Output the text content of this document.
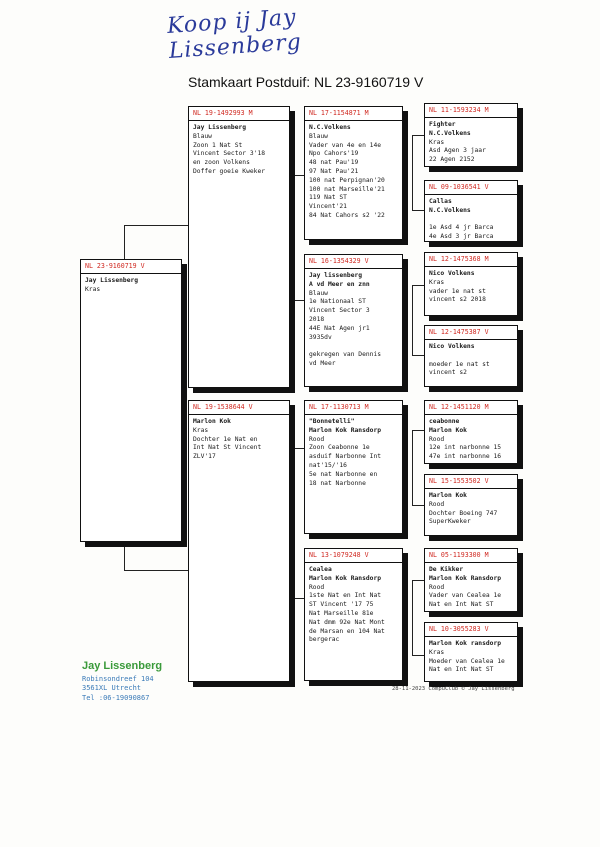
Koop ij Jay Lissenberg
Stamkaart Postduif: NL 23-9160719 V
NL 23-9160719 V
Jay Lissenberg
Kras
NL 19-1492993 M
Jay Lissenberg
Blauw
Zoon 1 Nat St
Vincent Sector 3'18
en zoon Volkens
Doffer goeie Kweker
NL 19-1538644 V
Marlon Kok
Kras
Dochter 1e Nat en
Int Nat St Vincent
ZLV'17
NL 17-1154871 M
N.C.Volkens
Blauw
Vader van 4e en 14e
Npo Cahors'19
48 nat Pau'19
97 Nat Pau'21
100 nat Perpignan'20
100 nat Marseille'21
119 Nat ST
Vincent'21
84 Nat Cahors s2 '22
NL 16-1354329 V
Jay lissenberg
A vd Meer en znn
Blauw
1e Nationaal ST
Vincent Sector 3
2018
44E Nat Agen jr1
3935dv

gekregen van Dennis
vd Meer
NL 17-1130713 M
"Bonnetelli"
Marlon Kok Ransdorp
Rood
Zoon Ceabonne 1e
asduif Narbonne Int
nat'15/'16
5e nat Narbonne en
18 nat Narbonne
NL 13-1079248 V
Cealea
Marlon Kok Ransdorp
Rood
1ste Nat en Int Nat
ST Vincent '17 75
Nat Marseille 81e
Nat dmm 92e Nat Mont
de Marsan en 104 Nat
bergerac
NL 11-1593234 M
Fighter
N.C.Volkens
Kras
Asd Agen 3 jaar
22 Agen 2152
NL 09-1036541 V
Callas
N.C.Volkens

1e Asd 4 jr Barca
4e Asd 3 jr Barca
NL 12-1475368 M
Nico Volkens
Kras
vader 1e nat st
vincent s2 2018
NL 12-1475387 V
Nico Volkens

moeder 1e nat st
vincent s2
NL 12-1451120 M
ceabonne
Marlon Kok
Rood
12e int narbonne 15
47e int narbonne 16
NL 15-1553502 V
Marlon Kok
Rood
Dochter Boeing 747
SuperKweker
NL 05-1193300 M
De Kikker
Marlon Kok Ransdorp
Rood
Vader van Cealea 1e
Nat en Int Nat ST
NL 10-3055283 V
Marlon Kok ransdorp
Kras
Moeder van Cealea 1e
Nat en Int Nat ST
Jay Lissenberg
Robinsondreef 104
3561XL Utrecht
Tel :06-19090867
28-11-2023 CompuClub © Jay Lissenberg
